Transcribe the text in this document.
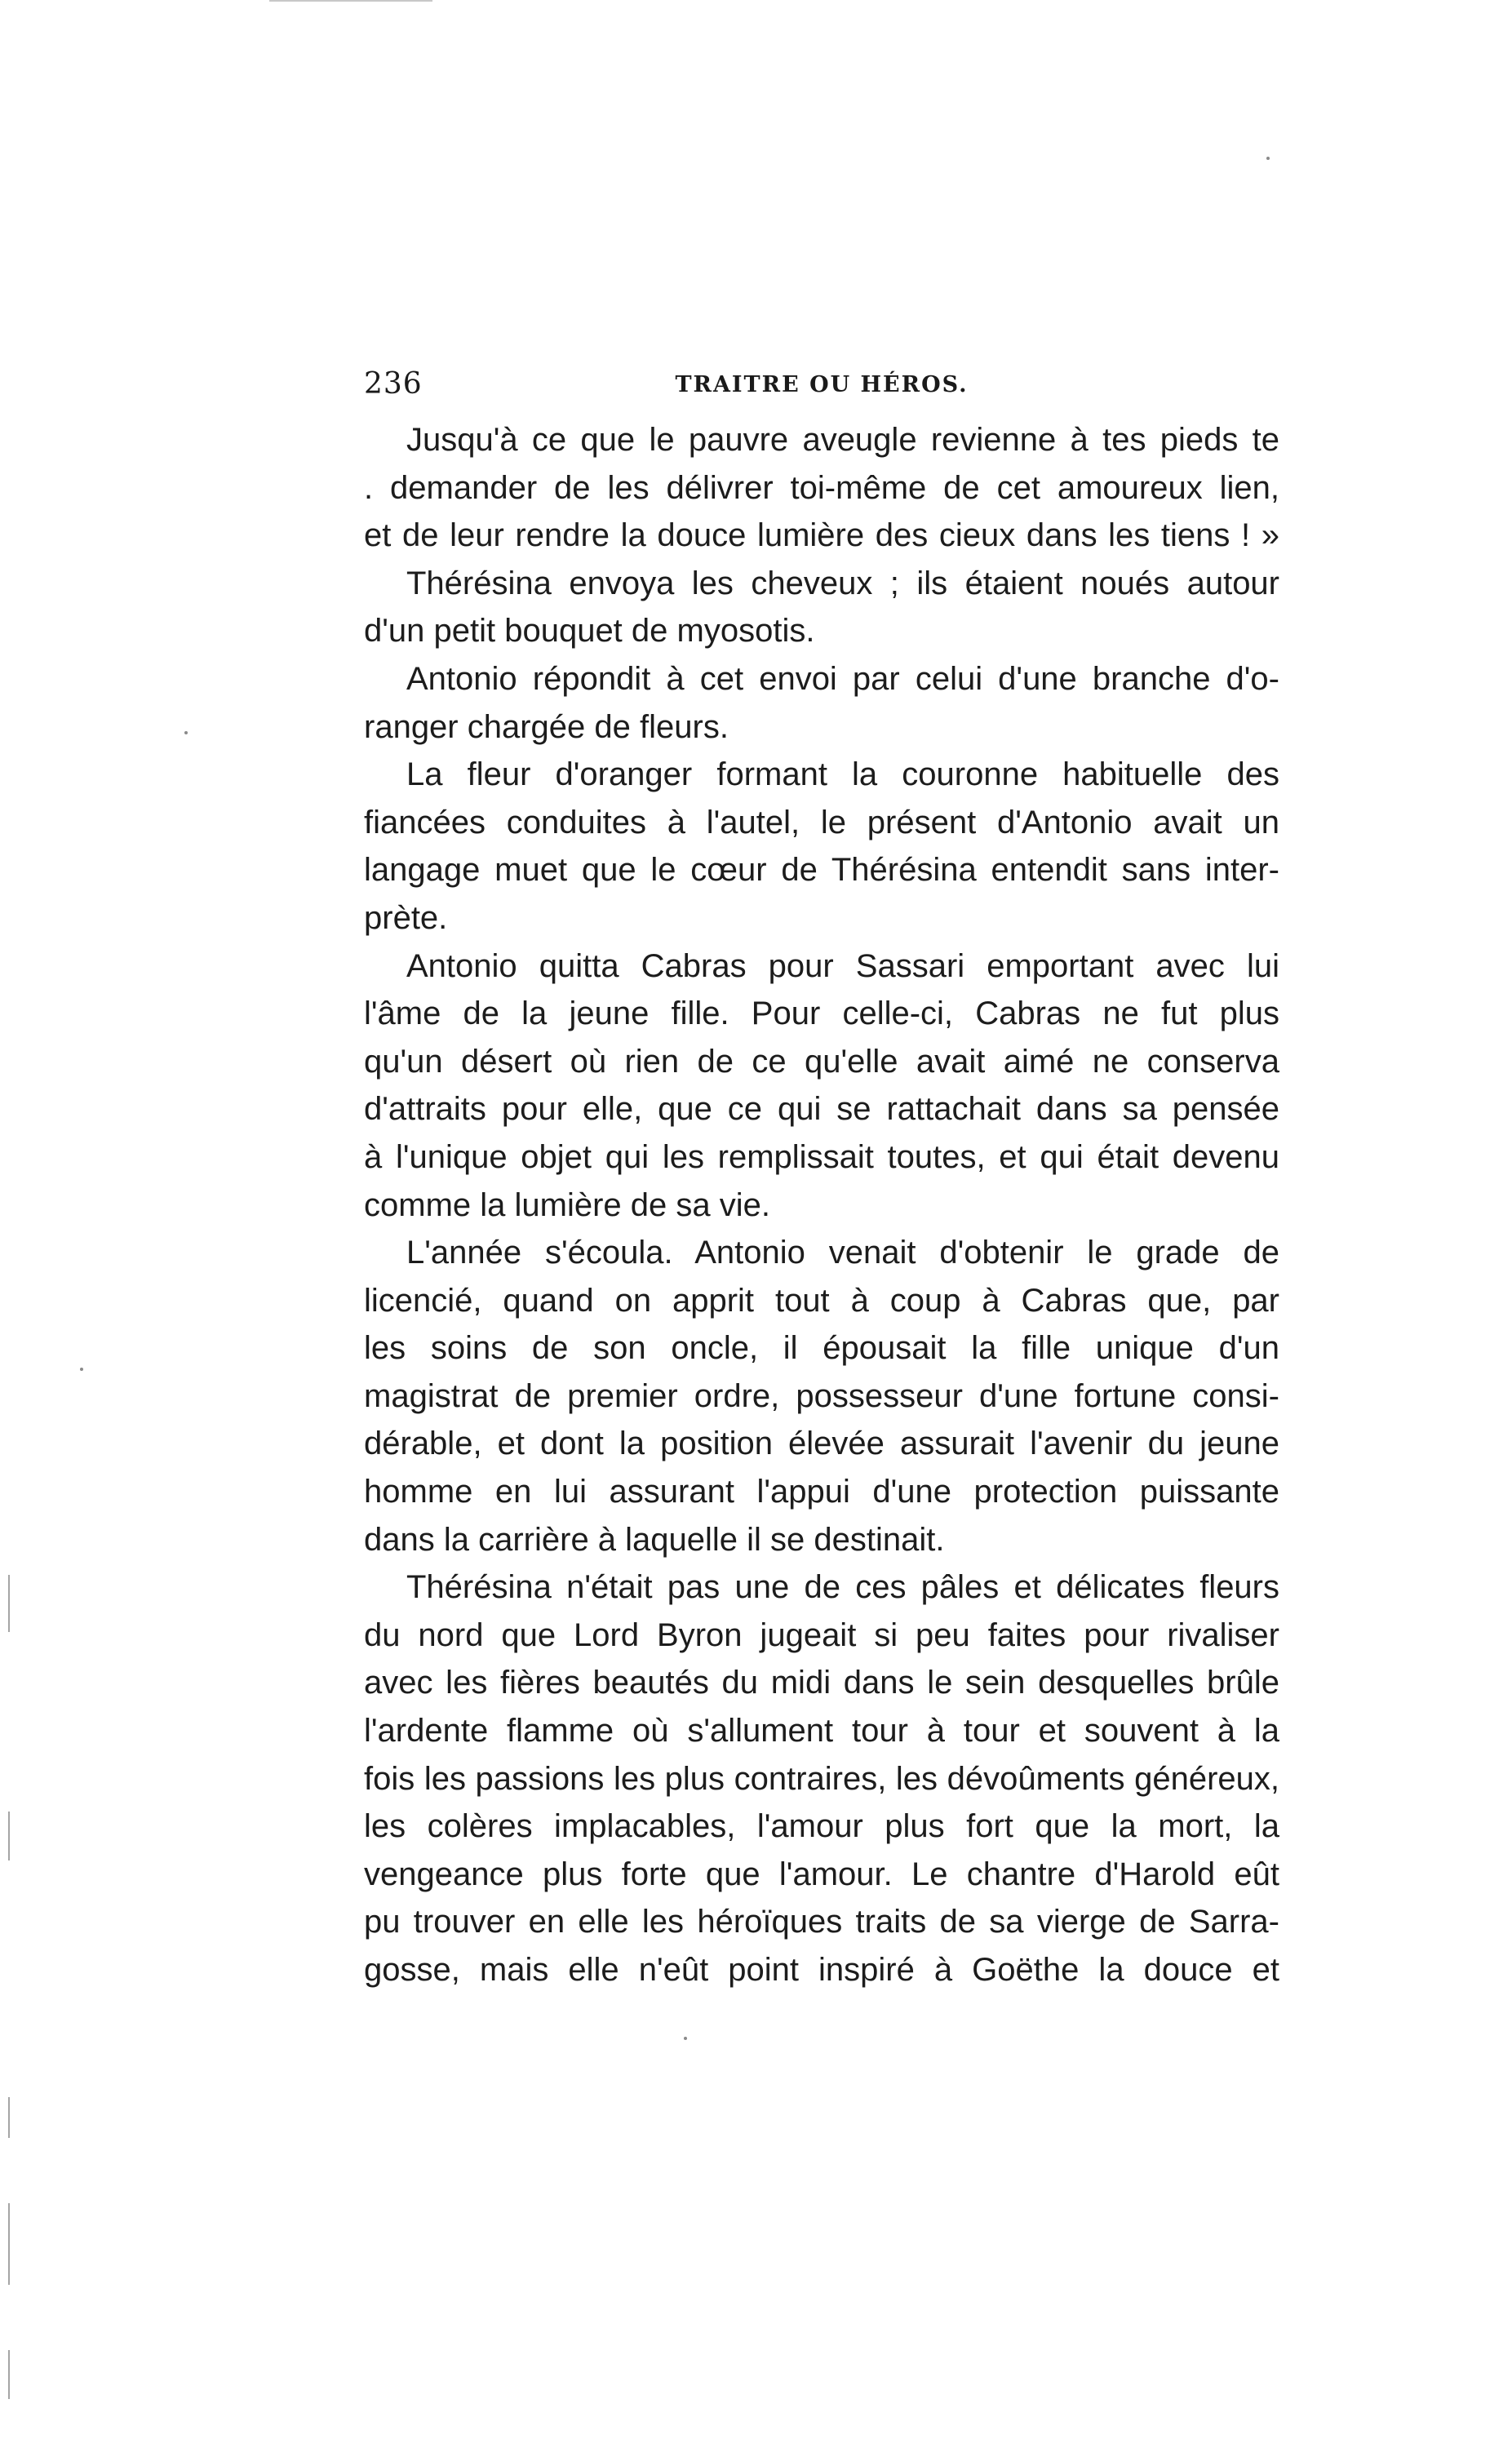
236	TRAITRE OU HÉROS.
Jusqu'à ce que le pauvre aveugle revienne à tes pieds te
. demander de les délivrer toi-même de cet amoureux lien,
et de leur rendre la douce lumière des cieux dans les tiens ! »
Thérésina envoya les cheveux ; ils étaient noués autour
d'un petit bouquet de myosotis.
Antonio répondit à cet envoi par celui d'une branche d'o-
ranger chargée de fleurs.
La fleur d'oranger formant la couronne habituelle des
fiancées conduites à l'autel, le présent d'Antonio avait un
langage muet que le cœur de Thérésina entendit sans inter-
prète.
Antonio quitta Cabras pour Sassari emportant avec lui
l'âme de la jeune fille. Pour celle-ci, Cabras ne fut plus
qu'un désert où rien de ce qu'elle avait aimé ne conserva
d'attraits pour elle, que ce qui se rattachait dans sa pensée
à l'unique objet qui les remplissait toutes, et qui était devenu
comme la lumière de sa vie.
L'année s'écoula. Antonio venait d'obtenir le grade de
licencié, quand on apprit tout à coup à Cabras que, par
les soins de son oncle, il épousait la fille unique d'un
magistrat de premier ordre, possesseur d'une fortune consi-
dérable, et dont la position élevée assurait l'avenir du jeune
homme en lui assurant l'appui d'une protection puissante
dans la carrière à laquelle il se destinait.
Thérésina n'était pas une de ces pâles et délicates fleurs
du nord que Lord Byron jugeait si peu faites pour rivaliser
avec les fières beautés du midi dans le sein desquelles brûle
l'ardente flamme où s'allument tour à tour et souvent à la
fois les passions les plus contraires, les dévoûments généreux,
les colères implacables, l'amour plus fort que la mort, la
vengeance plus forte que l'amour. Le chantre d'Harold eût
pu trouver en elle les héroïques traits de sa vierge de Sarra-
gosse, mais elle n'eût point inspiré à Goëthe la douce et
